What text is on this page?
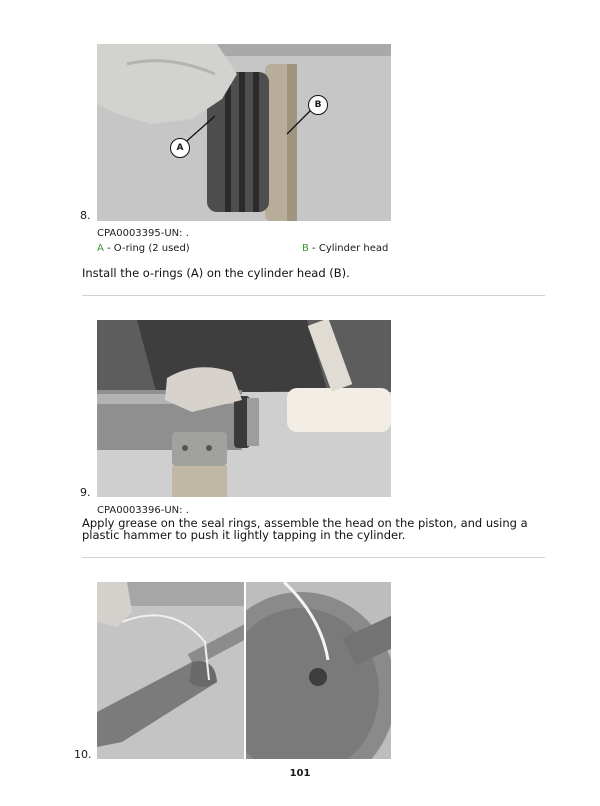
A
B
8.
CPA0003395-UN: .
A - O-ring (2 used)	B - Cylinder head
Install the o-rings (A) on the cylinder head (B).
9.
CPA0003396-UN: .
Apply grease on the seal rings, assemble the head on the piston, and using a plastic hammer to push it lightly tapping in the cylinder.
10.
101
